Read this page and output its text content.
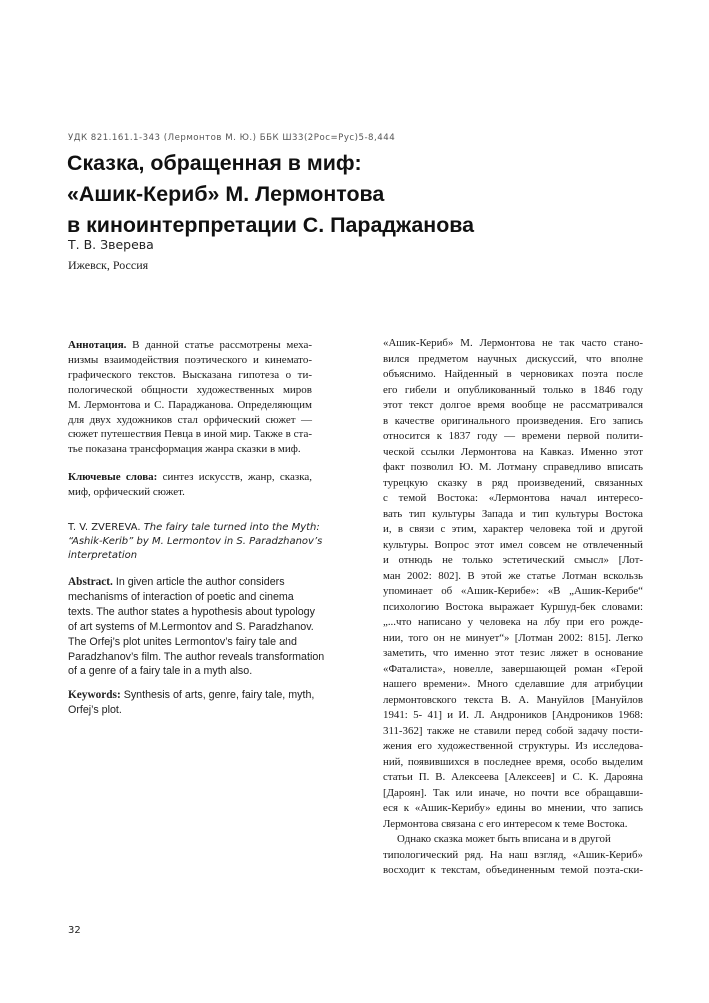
УДК 821.161.1-343 (Лермонтов М. Ю.) ББК Ш33(2Рос=Рус)5-8,444
Сказка, обращенная в миф:
«Ашик-Кериб» М. Лермонтова
в киноинтерпретации С. Параджанова
Т. В. Зверева
Ижевск, Россия
Аннотация. В данной статье рассмотрены меха-
низмы взаимодействия поэтического и кинемато-
графического текстов. Высказана гипотеза о ти-
пологической общности художественных миров
М. Лермонтова и С. Параджанова. Определяющим
для двух художников стал орфический сюжет —
сюжет путешествия Певца в иной мир. Также в ста-
тье показана трансформация жанра сказки в миф.
Ключевые слова: синтез искусств, жанр, сказка,
миф, орфический сюжет.
T. V. ZVEREVA. The fairy tale turned into the Myth:
“Ashik-Kerib” by M. Lermontov in S. Paradzhanov’s
interpretation
Abstract. In given article the author considers
mechanisms of interaction of poetic and cinema
texts. The author states a hypothesis about typology
of art systems of M.Lermontov and S. Paradzhanov.
The Orfej’s plot unites Lermontov’s fairy tale and
Paradzhanov’s film. The author reveals transformation
of a genre of a fairy tale in a myth also.
Keywords: Synthesis of arts, genre, fairy tale, myth,
Orfej’s plot.
«Ашик-Кериб» М. Лермонтова не так часто стано-
вился предметом научных дискуссий, что вполне
объяснимо. Найденный в черновиках поэта после
его гибели и опубликованный только в 1846 году
этот текст долгое время вообще не рассматривался
в качестве оригинального произведения. Его запись
относится к 1837 году — времени первой полити-
ческой ссылки Лермонтова на Кавказ. Именно этот
факт позволил Ю. М. Лотману справедливо вписать
турецкую сказку в ряд произведений, связанных
с темой Востока: «Лермонтова начал интересо-
вать тип культуры Запада и тип культуры Востока
и, в связи с этим, характер человека той и другой
культуры. Вопрос этот имел совсем не отвлеченный
и отнюдь не только эстетический смысл» [Лот-
ман 2002: 802]. В этой же статье Лотман вскользь
упоминает об «Ашик-Керибе»: «В „Ашик-Керибе“
психологию Востока выражает Куршуд-бек словами:
„...что написано у человека на лбу при его рожде-
нии, того он не минует“» [Лотман 2002: 815]. Легко
заметить, что именно этот тезис ляжет в основание
«Фаталиста», новелле, завершающей роман «Герой
нашего времени». Много сделавшие для атрибуции
лермонтовского текста В. А. Мануйлов [Мануйлов
1941: 5- 41] и И. Л. Андроников [Андроников 1968:
311-362] также не ставили перед собой задачу пости-
жения его художественной структуры. Из исследова-
ний, появившихся в последнее время, особо выделим
статьи П. В. Алексеева [Алексеев] и С. К. Дарояна
[Дароян]. Так или иначе, но почти все обращавши-
еся к «Ашик-Керибу» едины во мнении, что запись
Лермонтова связана с его интересом к теме Востока.
Однако сказка может быть вписана и в другой
типологический ряд. На наш взгляд, «Ашик-Кериб»
восходит к текстам, объединенным темой поэта-ски-
32
